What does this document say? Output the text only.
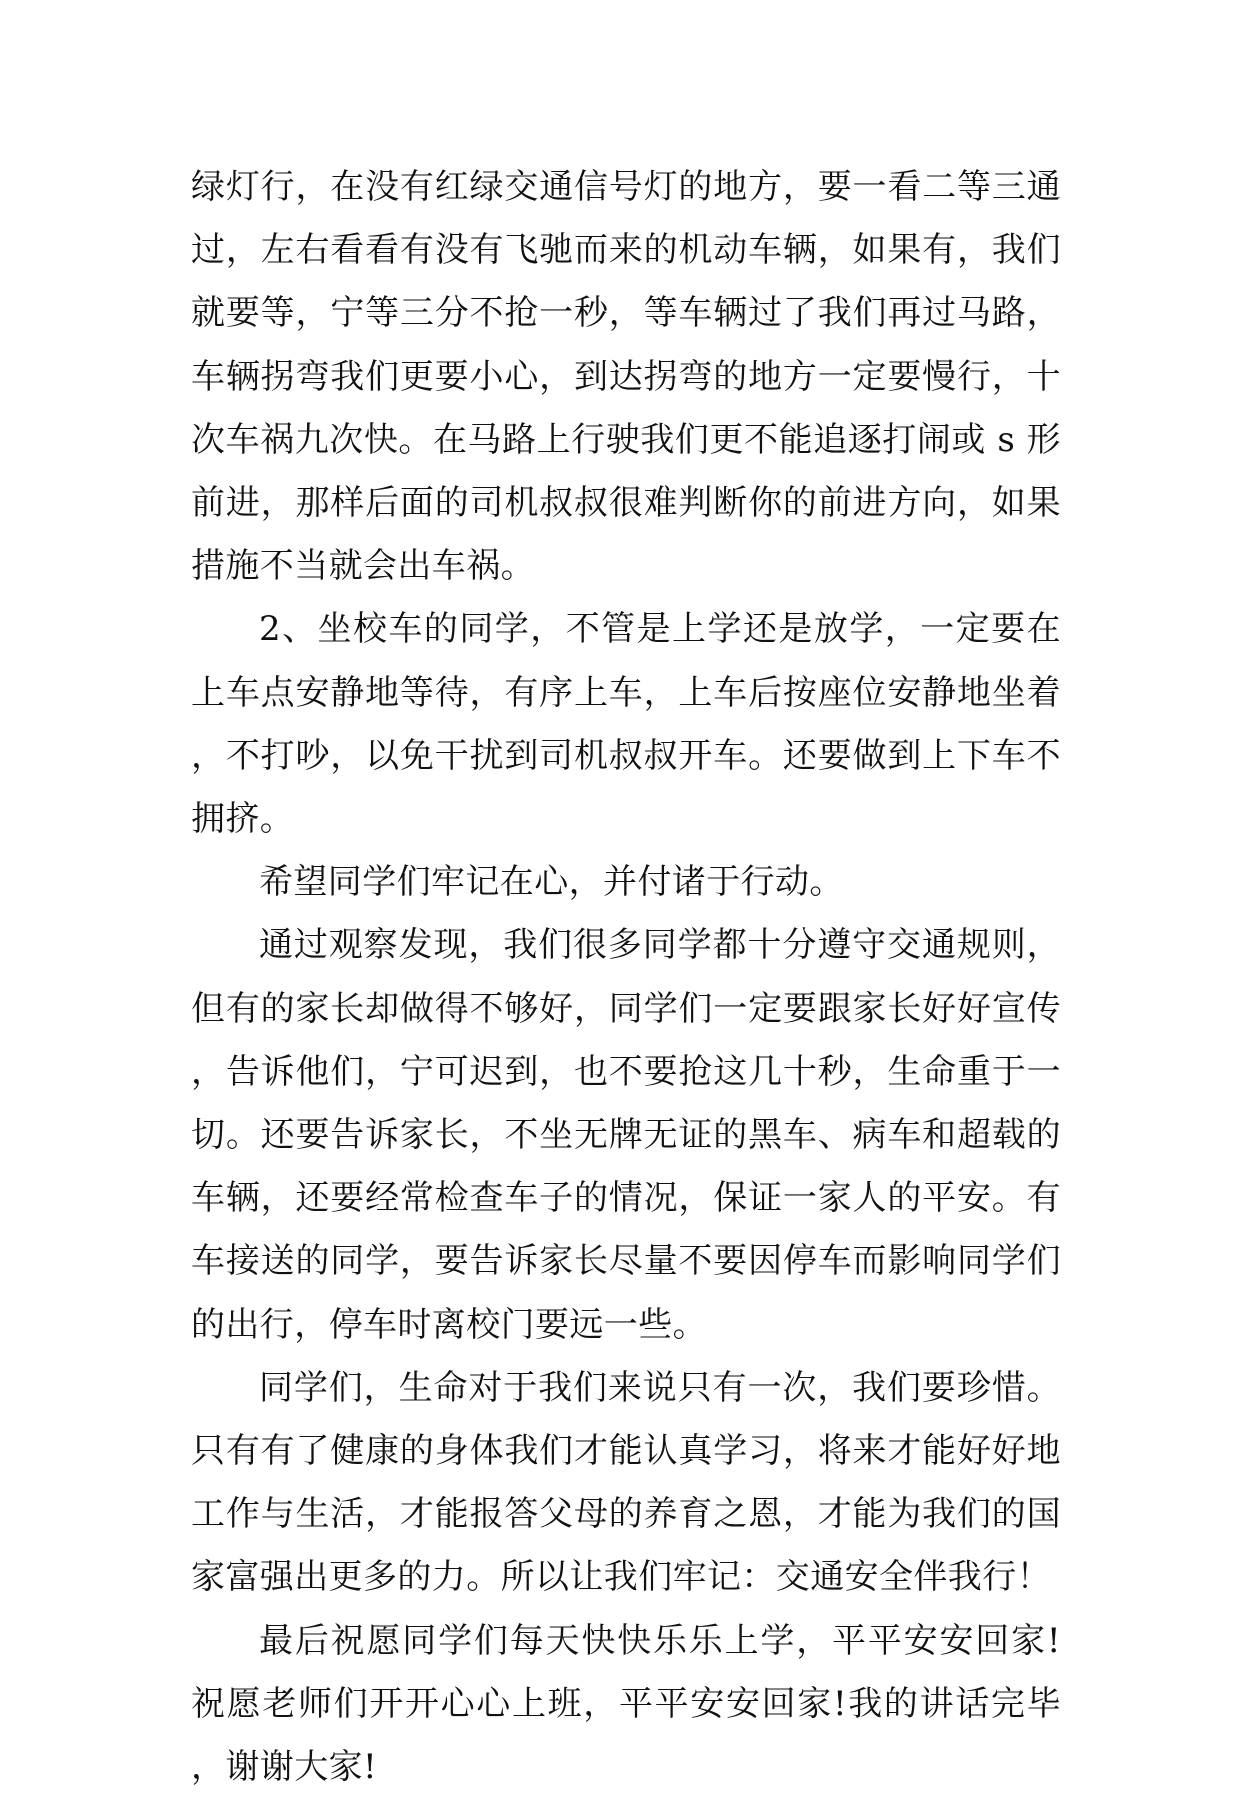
绿灯行，在没有红绿交通信号灯的地方，要一看二等三通过，左右看看有没有飞驰而来的机动车辆，如果有，我们就要等，宁等三分不抢一秒，等车辆过了我们再过马路，车辆拐弯我们更要小心，到达拐弯的地方一定要慢行，十次车祸九次快。在马路上行驶我们更不能追逐打闹或 s 形前进，那样后面的司机叔叔很难判断你的前进方向，如果措施不当就会出车祸。

2、坐校车的同学，不管是上学还是放学，一定要在上车点安静地等待，有序上车，上车后按座位安静地坐着，不打吵，以免干扰到司机叔叔开车。还要做到上下车不拥挤。

希望同学们牢记在心，并付诸于行动。

通过观察发现，我们很多同学都十分遵守交通规则，但有的家长却做得不够好，同学们一定要跟家长好好宣传，告诉他们，宁可迟到，也不要抢这几十秒，生命重于一切。还要告诉家长，不坐无牌无证的黑车、病车和超载的车辆，还要经常检查车子的情况，保证一家人的平安。有车接送的同学，要告诉家长尽量不要因停车而影响同学们的出行，停车时离校门要远一些。

同学们，生命对于我们来说只有一次，我们要珍惜。只有有了健康的身体我们才能认真学习，将来才能好好地工作与生活，才能报答父母的养育之恩，才能为我们的国家富强出更多的力。所以让我们牢记：交通安全伴我行！

最后祝愿同学们每天快快乐乐上学，平平安安回家!祝愿老师们开开心心上班，平平安安回家!我的讲话完毕，谢谢大家!
